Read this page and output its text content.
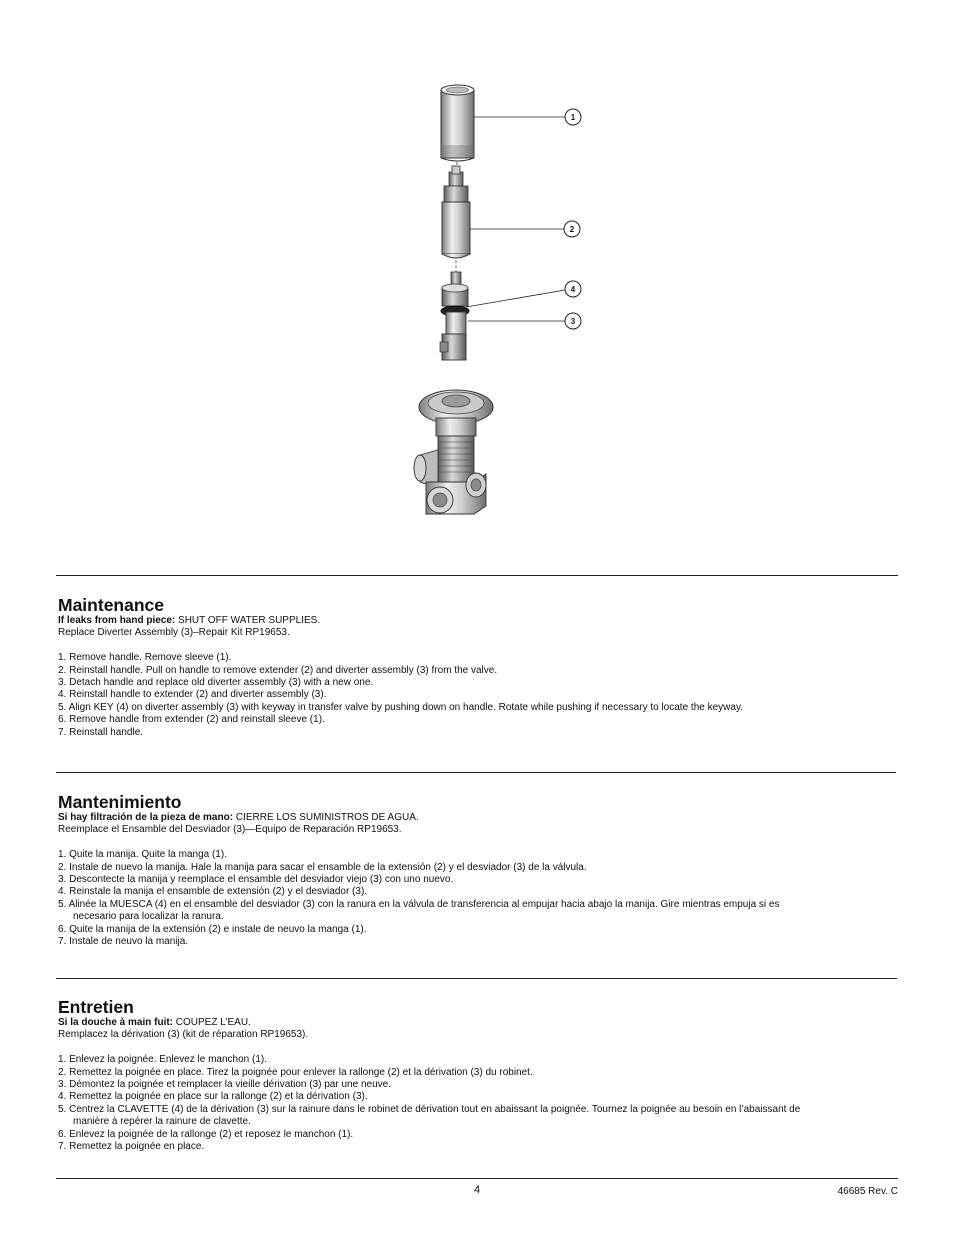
1
2
4
3
Maintenance
If leaks from hand piece: SHUT OFF WATER SUPPLIES.
Replace Diverter Assembly (3)–Repair Kit RP19653.
1. Remove handle. Remove sleeve (1).
2. Reinstall handle. Pull on handle to remove extender (2) and diverter assembly (3) from the valve.
3. Detach handle and replace old diverter assembly (3) with a new one.
4. Reinstall handle to extender (2) and diverter assembly (3).
5. Align KEY (4) on diverter assembly (3) with keyway in transfer valve by pushing down on handle. Rotate while pushing if necessary to locate the keyway.
6. Remove handle from extender (2) and reinstall sleeve (1).
7. Reinstall handle.
Mantenimiento
Si hay filtración de la pieza de mano: CIERRE LOS SUMINISTROS DE AGUA.
Reemplace el Ensamble del Desviador (3)—Equipo de Reparación RP19653.
1. Quite la manija. Quite la manga (1).
2. Instale de nuevo la manija. Hale la manija para sacar el ensamble de la extensión (2) y el desviador (3) de la válvula.
3. Descontecte la manija y reemplace el ensamble del desviador viejo (3) con uno nuevo.
4. Reinstale la manija el ensamble de extensión (2) y el desviador (3).
5. Alinée la MUESCA (4) en el ensamble del desviador (3) con la ranura en la válvula de transferencia al empujar hacia abajo la manija. Gire mientras empuja si es necesario para localizar la ranura.
6. Quite la manija de la extensión (2) e instale de neuvo la manga (1).
7. Instale de neuvo la manija.
Entretien
Si la douche à main fuit: COUPEZ L’EAU.
Remplacez la dérivation (3) (kit de réparation RP19653).
1. Enlevez la poignée. Enlevez le manchon (1).
2. Remettez la poignée en place. Tirez la poignée pour enlever la rallonge (2) et la dérivation (3) du robinet.
3. Démontez la poignée et remplacer la vieille dérivation (3) par une neuve.
4. Remettez la poignée en place sur la rallonge (2) et la dérivation (3).
5. Centrez la CLAVETTE (4) de la dérivation (3) sur la rainure dans le robinet de dérivation tout en abaissant la poignée. Tournez la poignée au besoin en l’abaissant de manière à repérer la rainure de clavette.
6. Enlevez la poignée de la rallonge (2) et reposez le manchon (1).
7. Remettez la poignée en place.
4	46685 Rev. C
